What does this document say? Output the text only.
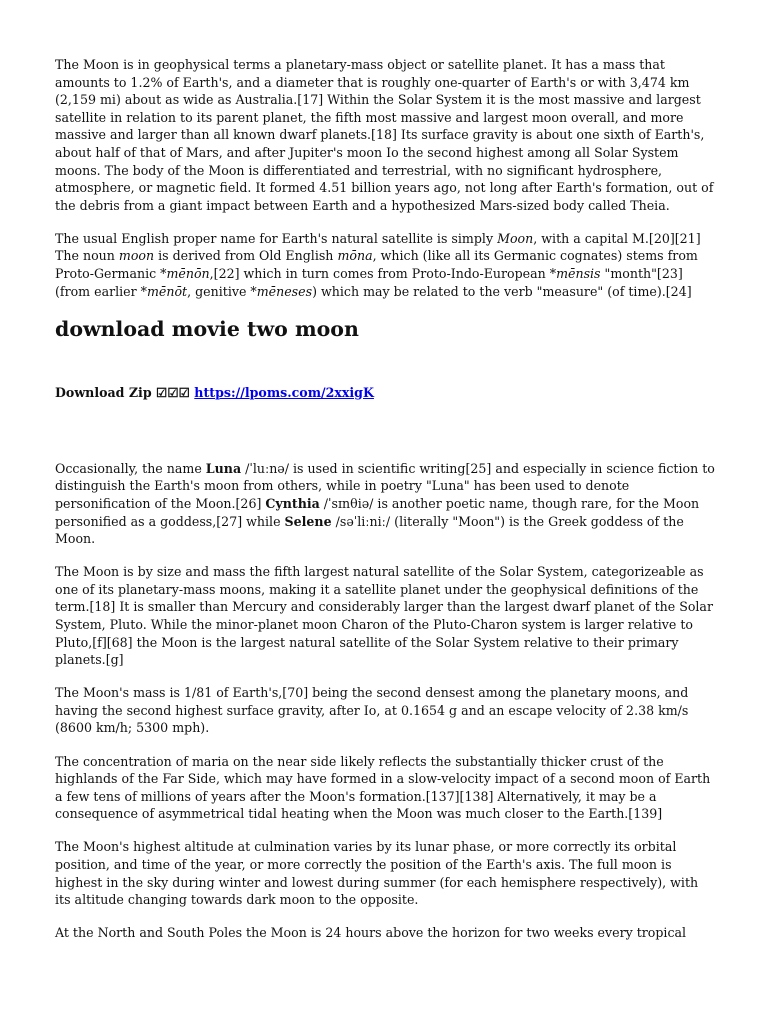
The Moon is in geophysical terms a planetary-mass object or satellite planet. It has a mass that amounts to 1.2% of Earth's, and a diameter that is roughly one-quarter of Earth's or with 3,474 km (2,159 mi) about as wide as Australia.[17] Within the Solar System it is the most massive and largest satellite in relation to its parent planet, the fifth most massive and largest moon overall, and more massive and larger than all known dwarf planets.[18] Its surface gravity is about one sixth of Earth's, about half of that of Mars, and after Jupiter's moon Io the second highest among all Solar System moons. The body of the Moon is differentiated and terrestrial, with no significant hydrosphere, atmosphere, or magnetic field. It formed 4.51 billion years ago, not long after Earth's formation, out of the debris from a giant impact between Earth and a hypothesized Mars-sized body called Theia.

The usual English proper name for Earth's natural satellite is simply Moon, with a capital M.[20][21] The noun moon is derived from Old English mōna, which (like all its Germanic cognates) stems from Proto-Germanic *mēnōn,[22] which in turn comes from Proto-Indo-European *mēnsis "month"[23] (from earlier *mēnōt, genitive *mēneses) which may be related to the verb "measure" (of time).[24]

download movie two moon
Download Zip ☑☑☑ https://lpoms.com/2xxigK

Occasionally, the name Luna /ˈluːnə/ is used in scientific writing[25] and especially in science fiction to distinguish the Earth's moon from others, while in poetry "Luna" has been used to denote personification of the Moon.[26] Cynthia /ˈsɪnθiə/ is another poetic name, though rare, for the Moon personified as a goddess,[27] while Selene /səˈliːniː/ (literally "Moon") is the Greek goddess of the Moon.

The Moon is by size and mass the fifth largest natural satellite of the Solar System, categorizeable as one of its planetary-mass moons, making it a satellite planet under the geophysical definitions of the term.[18] It is smaller than Mercury and considerably larger than the largest dwarf planet of the Solar System, Pluto. While the minor-planet moon Charon of the Pluto-Charon system is larger relative to Pluto,[f][68] the Moon is the largest natural satellite of the Solar System relative to their primary planets.[g]

The Moon's mass is 1/81 of Earth's,[70] being the second densest among the planetary moons, and having the second highest surface gravity, after Io, at 0.1654 g and an escape velocity of 2.38 km/s (8600 km/h; 5300 mph).

The concentration of maria on the near side likely reflects the substantially thicker crust of the highlands of the Far Side, which may have formed in a slow-velocity impact of a second moon of Earth a few tens of millions of years after the Moon's formation.[137][138] Alternatively, it may be a consequence of asymmetrical tidal heating when the Moon was much closer to the Earth.[139]

The Moon's highest altitude at culmination varies by its lunar phase, or more correctly its orbital position, and time of the year, or more correctly the position of the Earth's axis. The full moon is highest in the sky during winter and lowest during summer (for each hemisphere respectively), with its altitude changing towards dark moon to the opposite.

At the North and South Poles the Moon is 24 hours above the horizon for two weeks every tropical
